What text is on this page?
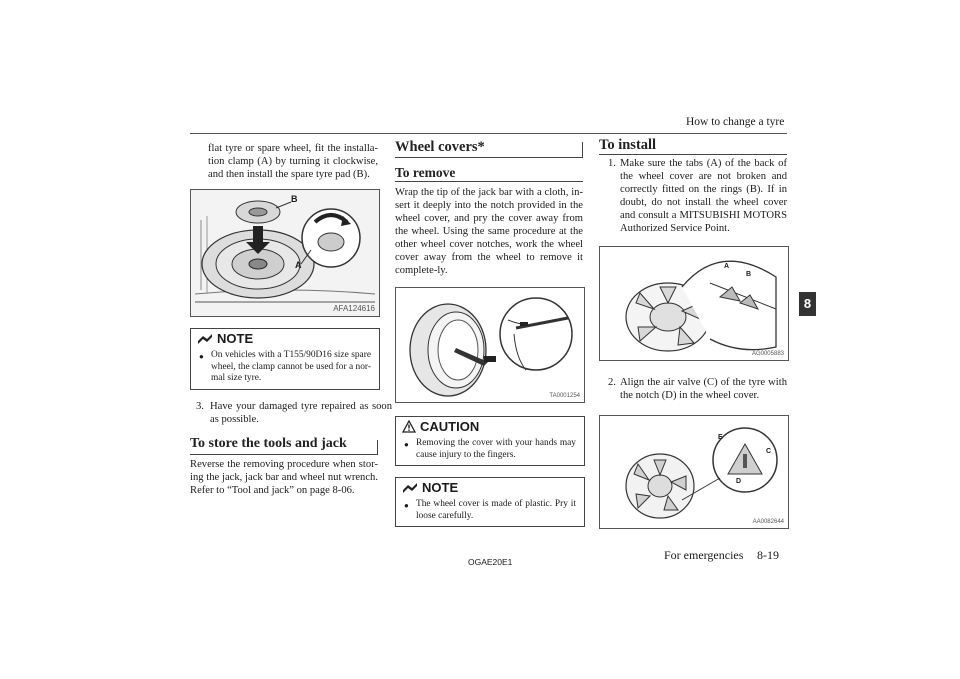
How to change a tyre
8
flat tyre or spare wheel, fit the installa-tion clamp (A) by turning it clockwise, and then install the spare tyre pad (B).
B
A
AFA124616
NOTE
● On vehicles with a T155/90D16 size spare wheel, the clamp cannot be used for a nor-mal size tyre.
3. Have your damaged tyre repaired as soon as possible.
To store the tools and jack
Reverse the removing procedure when stor-ing the jack, jack bar and wheel nut wrench. Refer to “Tool and jack” on page 8-06.
Wheel covers*
To remove
Wrap the tip of the jack bar with a cloth, in-sert it deeply into the notch provided in the wheel cover, and pry the cover away from the wheel. Using the same procedure at the other wheel cover notches, work the wheel cover away from the wheel to remove it complete-ly.
TA0001254
CAUTION
● Removing the cover with your hands may cause injury to the fingers.
NOTE
● The wheel cover is made of plastic. Pry it loose carefully.
To install
1. Make sure the tabs (A) of the back of the wheel cover are not broken and correctly fitted on the rings (B). If in doubt, do not install the wheel cover and consult a MITSUBISHI MOTORS Authorized Service Point.
A
B
AG0005883
2. Align the air valve (C) of the tyre with the notch (D) in the wheel cover.
E
C
D
AA0082644
OGAE20E1	For emergencies 8-19
